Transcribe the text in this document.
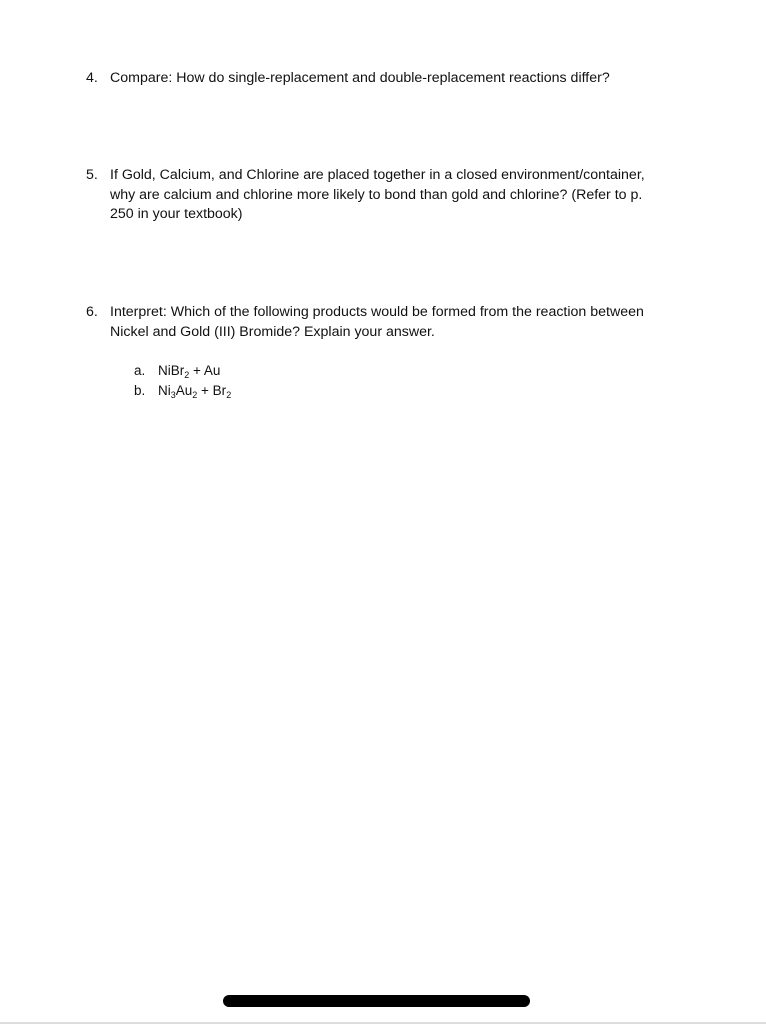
4. Compare: How do single-replacement and double-replacement reactions differ?
5. If Gold, Calcium, and Chlorine are placed together in a closed environment/container,
why are calcium and chlorine more likely to bond than gold and chlorine? (Refer to p.
250 in your textbook)
6. Interpret: Which of the following products would be formed from the reaction between
Nickel and Gold (III) Bromide? Explain your answer.
a. NiBr$_2$ + Au
b. $Ni_3Au_2 + Br_2$
